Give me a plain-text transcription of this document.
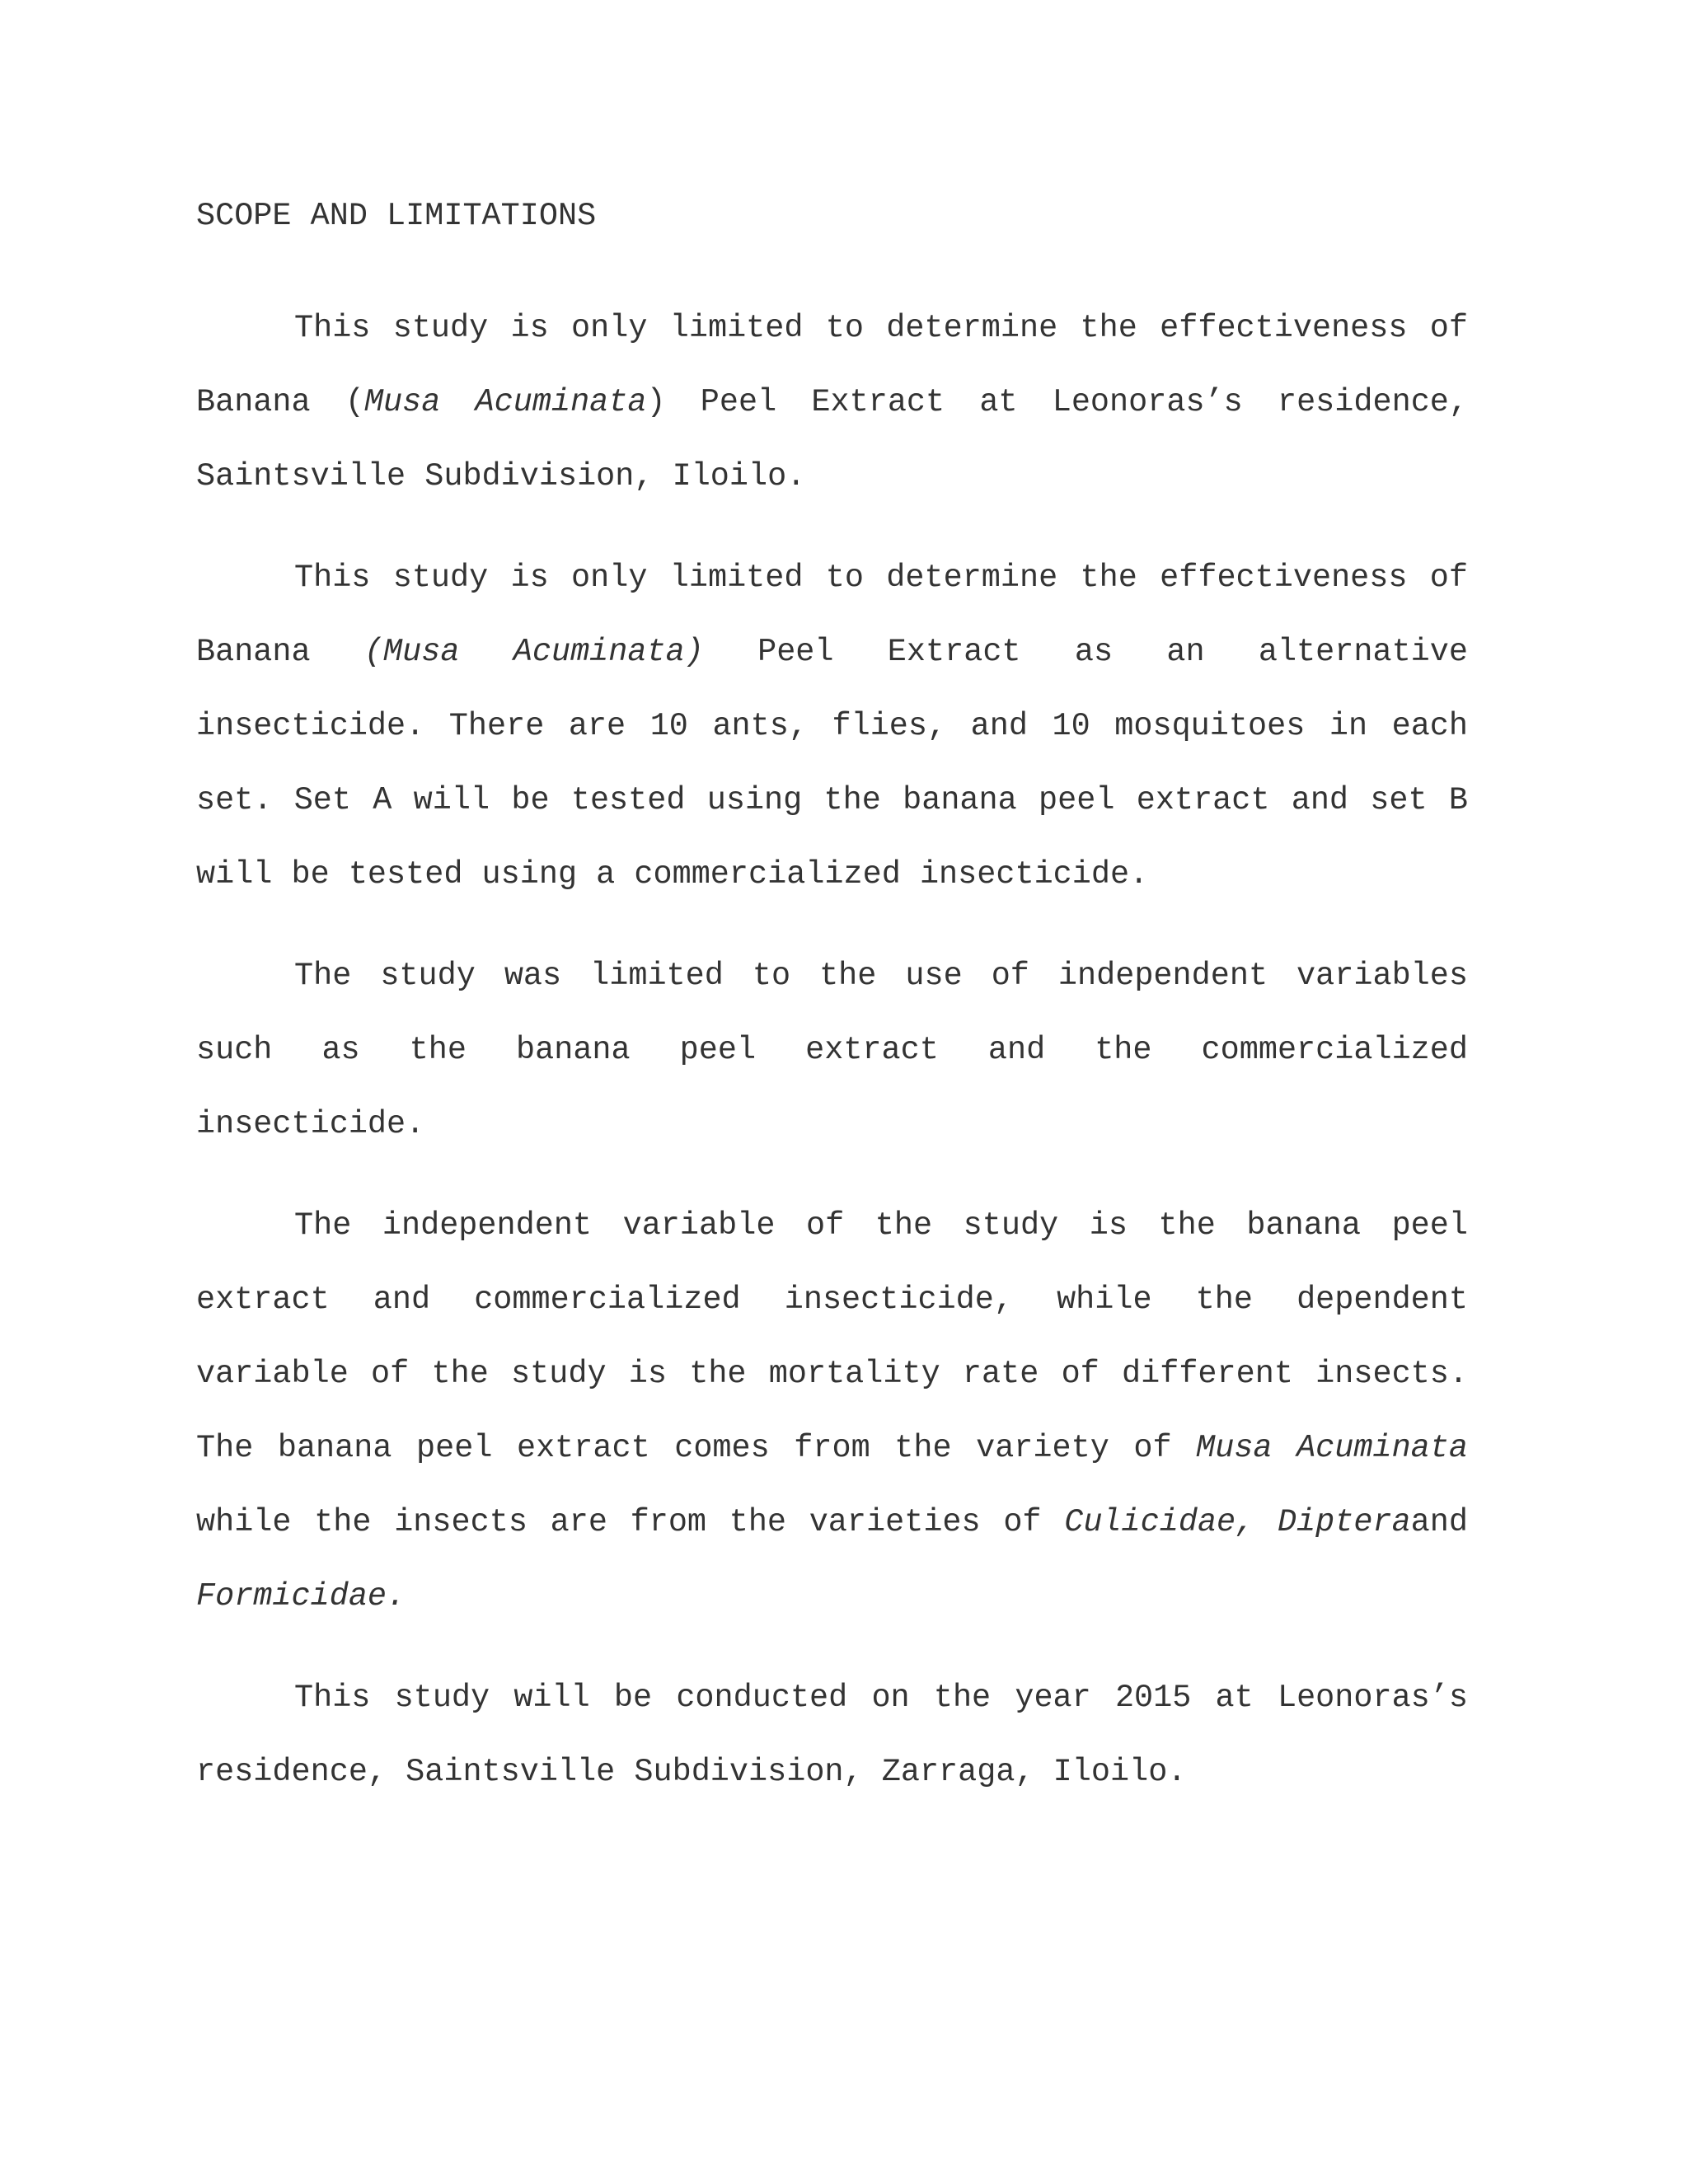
SCOPE AND LIMITATIONS

This study is only limited to determine the effectiveness of Banana (Musa Acuminata) Peel Extract at Leonoras’s residence, Saintsville Subdivision, Iloilo.

This study is only limited to determine the effectiveness of Banana (Musa Acuminata) Peel Extract as an alternative insecticide. There are 10 ants, flies, and 10 mosquitoes in each set. Set A will be tested using the banana peel extract and set B will be tested using a commercialized insecticide.

The study was limited to the use of independent variables such as the banana peel extract and the commercialized insecticide.

The independent variable of the study is the banana peel extract and commercialized insecticide, while the dependent variable of the study is the mortality rate of different insects. The banana peel extract comes from the variety of Musa Acuminata while the insects are from the varieties of Culicidae, Dipteraand Formicidae.

This study will be conducted on the year 2015 at Leonoras’s residence, Saintsville Subdivision, Zarraga, Iloilo.
